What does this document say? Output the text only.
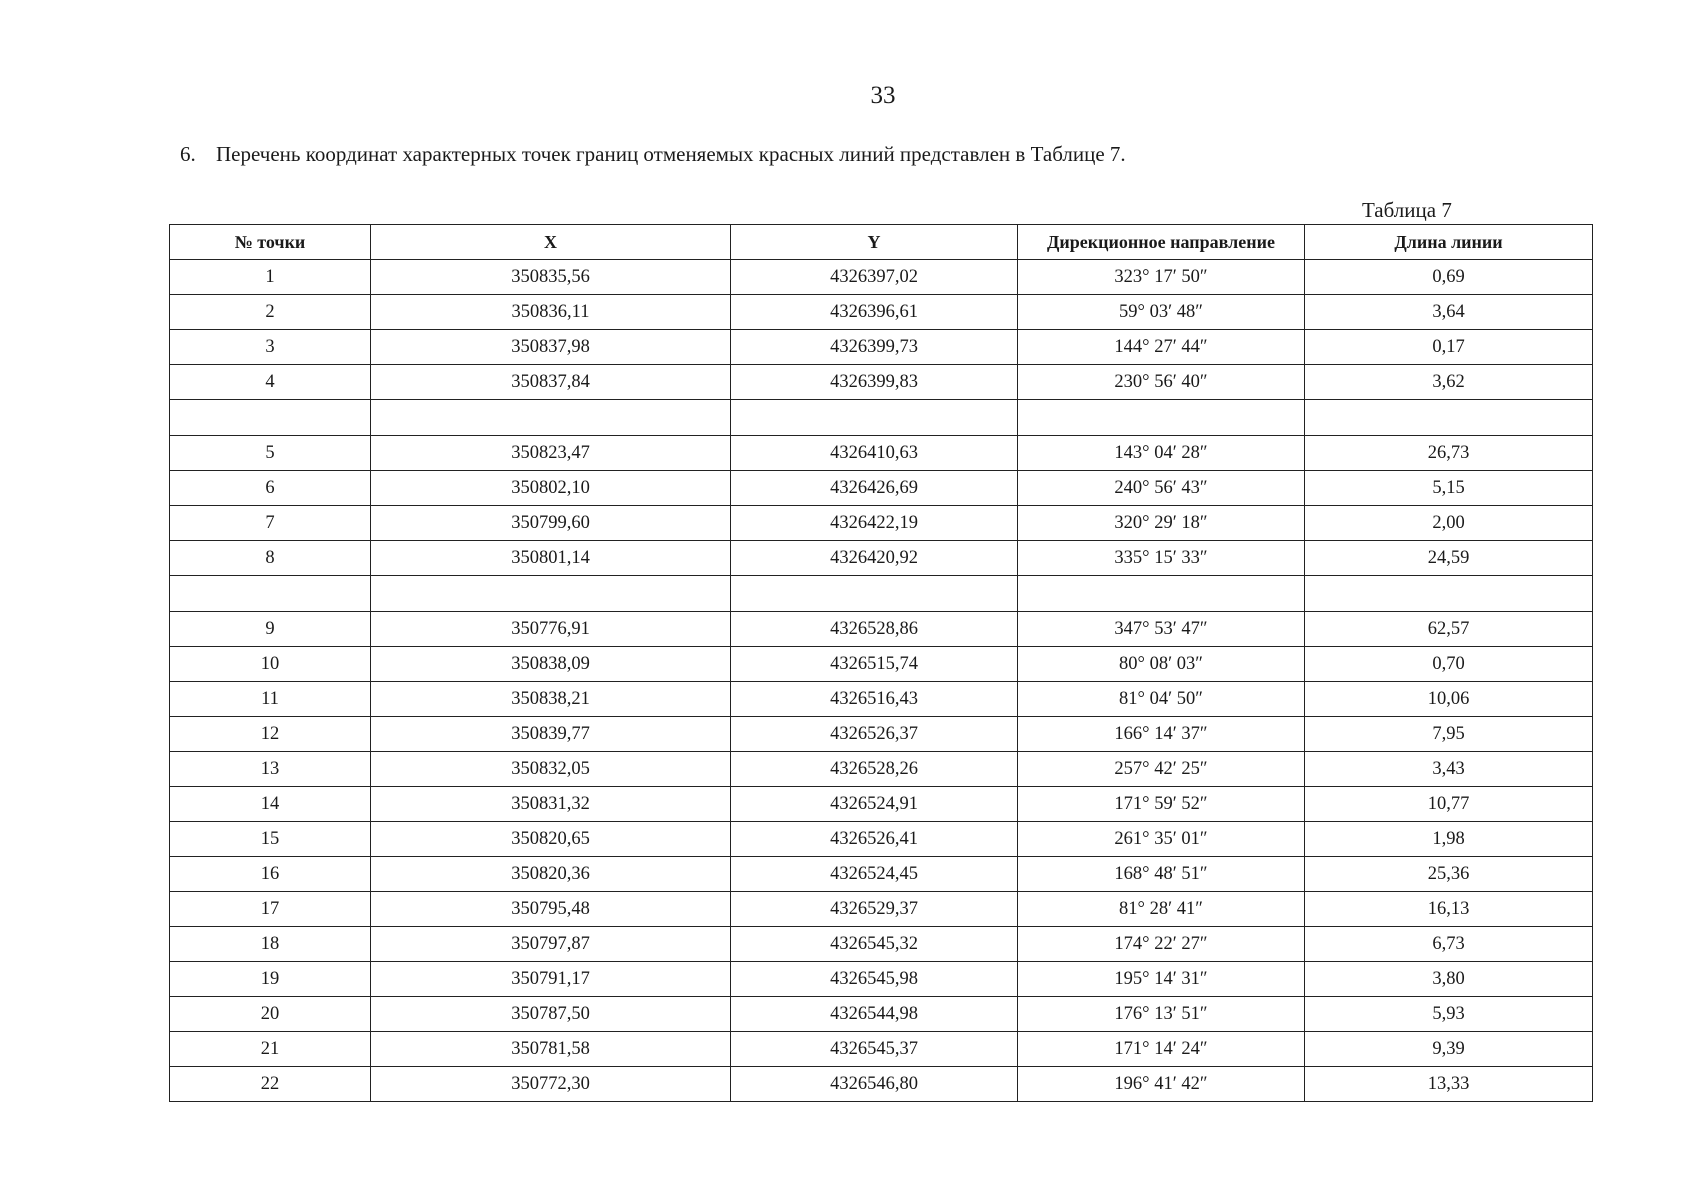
33
6. Перечень координат характерных точек границ отменяемых красных линий представлен в Таблице 7.
Таблица 7
№ точки	X	Y	Дирекционное направление	Длина линии
1	350835,56	4326397,02	323° 17′ 50″	0,69
2	350836,11	4326396,61	59° 03′ 48″	3,64
3	350837,98	4326399,73	144° 27′ 44″	0,17
4	350837,84	4326399,83	230° 56′ 40″	3,62

5	350823,47	4326410,63	143° 04′ 28″	26,73
6	350802,10	4326426,69	240° 56′ 43″	5,15
7	350799,60	4326422,19	320° 29′ 18″	2,00
8	350801,14	4326420,92	335° 15′ 33″	24,59

9	350776,91	4326528,86	347° 53′ 47″	62,57
10	350838,09	4326515,74	80° 08′ 03″	0,70
11	350838,21	4326516,43	81° 04′ 50″	10,06
12	350839,77	4326526,37	166° 14′ 37″	7,95
13	350832,05	4326528,26	257° 42′ 25″	3,43
14	350831,32	4326524,91	171° 59′ 52″	10,77
15	350820,65	4326526,41	261° 35′ 01″	1,98
16	350820,36	4326524,45	168° 48′ 51″	25,36
17	350795,48	4326529,37	81° 28′ 41″	16,13
18	350797,87	4326545,32	174° 22′ 27″	6,73
19	350791,17	4326545,98	195° 14′ 31″	3,80
20	350787,50	4326544,98	176° 13′ 51″	5,93
21	350781,58	4326545,37	171° 14′ 24″	9,39
22	350772,30	4326546,80	196° 41′ 42″	13,33
